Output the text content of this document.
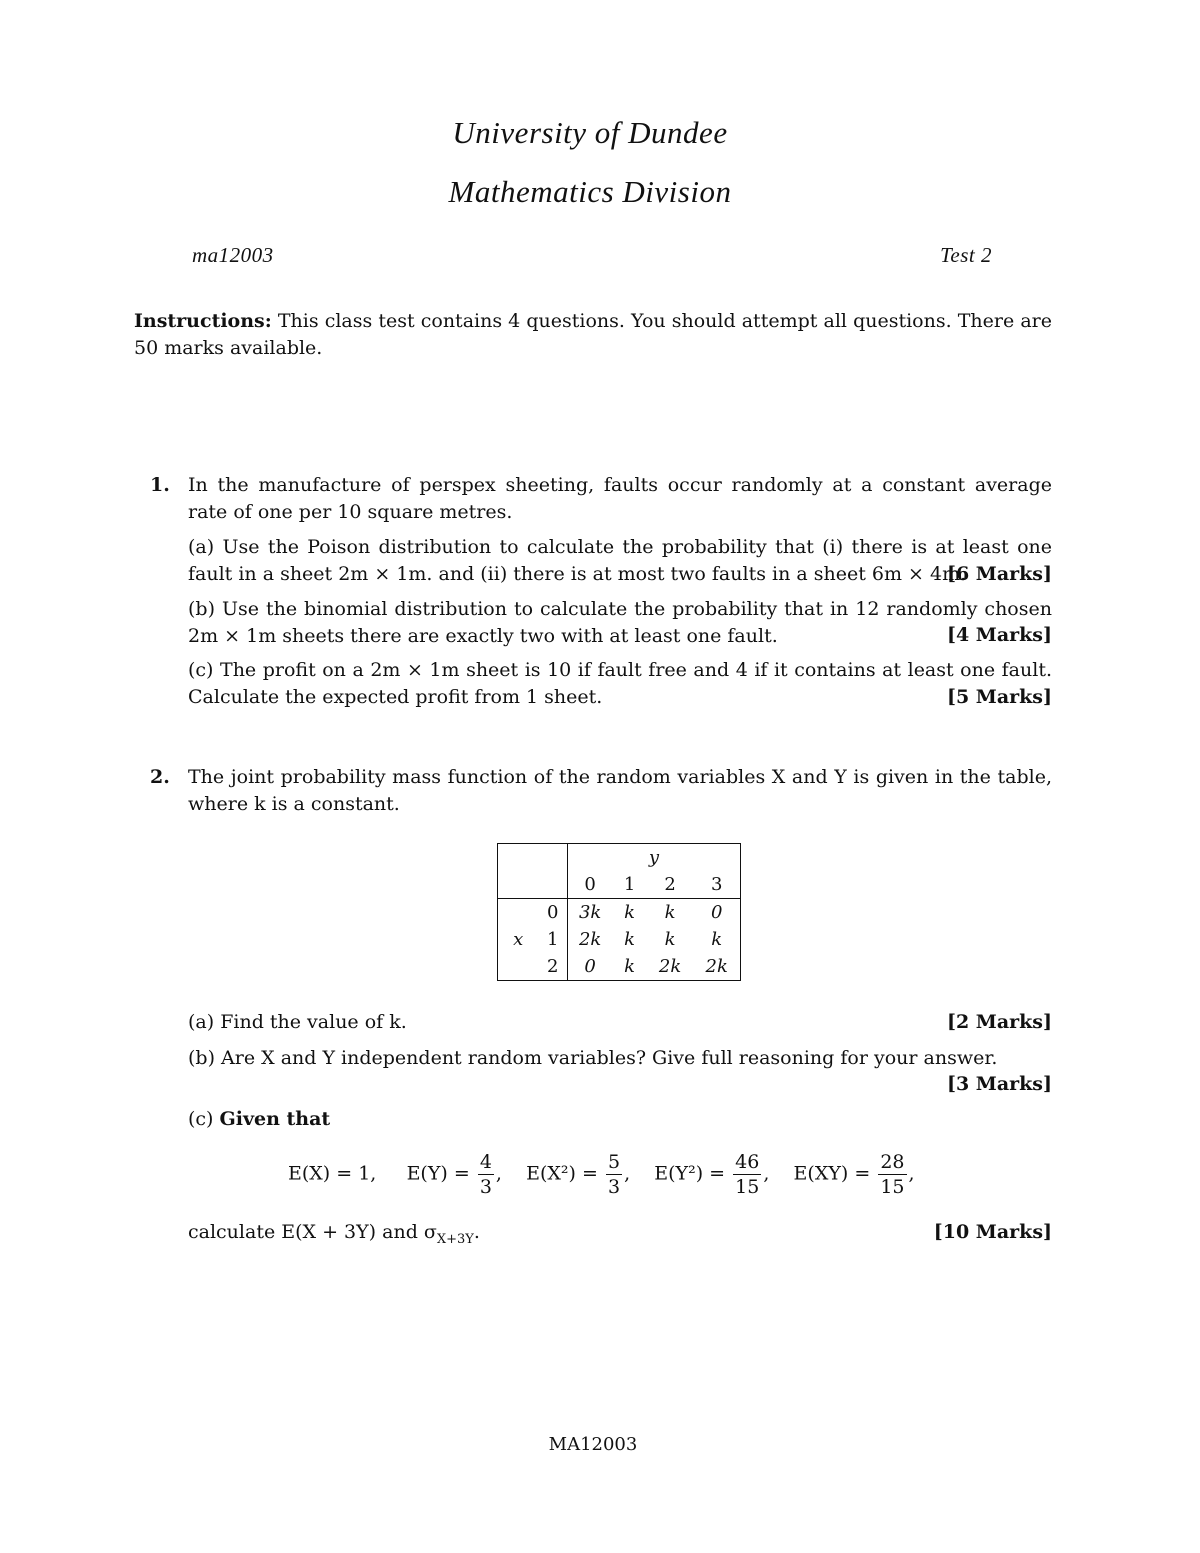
University of Dundee
Mathematics Division
ma12003	Test 2
Instructions: This class test contains 4 questions. You should attempt all questions. There are 50 marks available.
1. In the manufacture of perspex sheeting, faults occur randomly at a constant average rate of one per 10 square metres.
(a) Use the Poison distribution to calculate the probability that (i) there is at least one fault in a sheet 2m × 1m. and (ii) there is at most two faults in a sheet 6m × 4m.
[6 Marks]
(b) Use the binomial distribution to calculate the probability that in 12 randomly chosen 2m × 1m sheets there are exactly two with at least one fault.	[4 Marks]
(c) The profit on a 2m × 1m sheet is 10 if fault free and 4 if it contains at least one fault. Calculate the expected profit from 1 sheet.	[5 Marks]
2. The joint probability mass function of the random variables X and Y is given in the table, where k is a constant.
		y			
		0	1	2	3
	0	3k	k	k	0
x	1	2k	k	k	k
	2	0	k	2k	2k
(a) Find the value of k.	[2 Marks]
(b) Are X and Y independent random variables? Give full reasoning for your answer.
[3 Marks]
(c) Given that
E(X) = 1, $E(Y) = \frac{4}{3}$ ,    $E(X^2) = \frac{5}{3}$ ,    $E(Y^2) = \frac{46}{15}$ ,    $E(XY) = \frac{28}{15}$ ,
calculate E(X + 3Y) and $\sigma_{X+3Y}$.	[10 Marks]
MA12003
